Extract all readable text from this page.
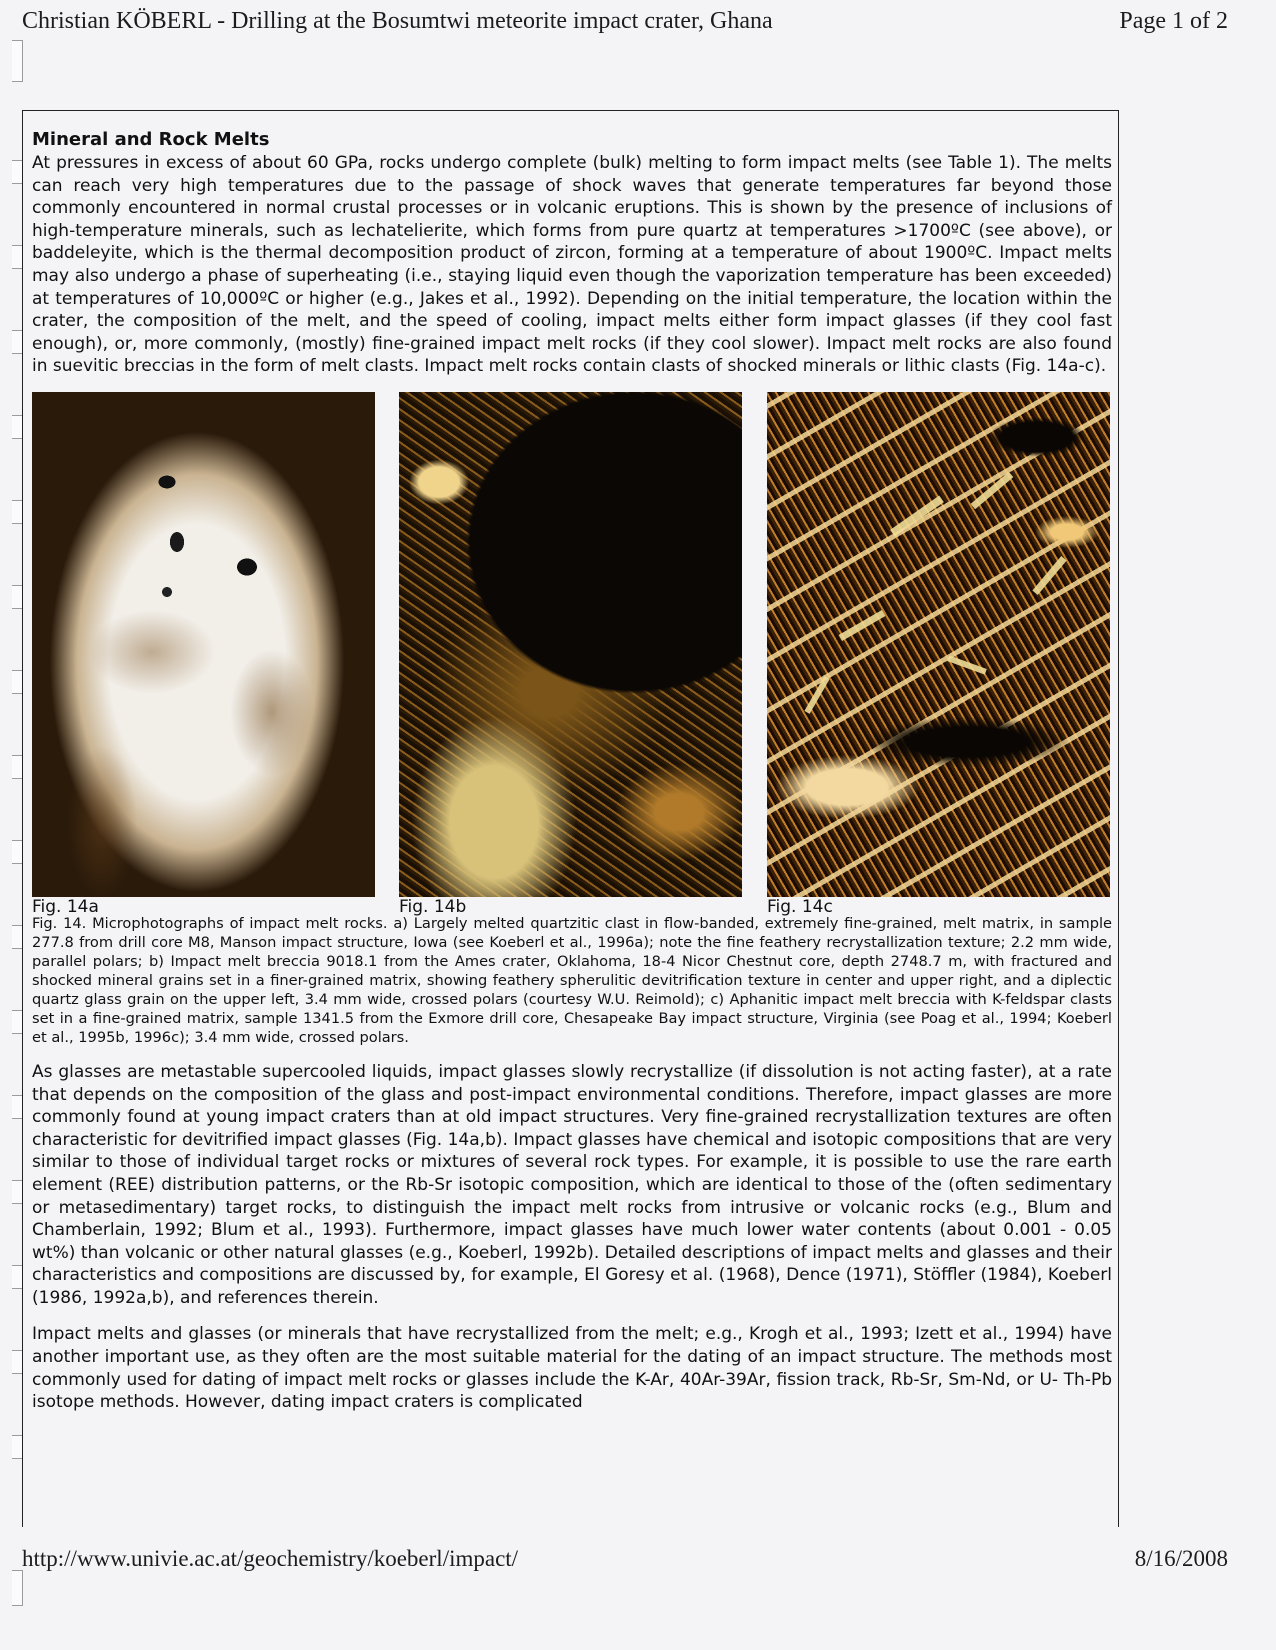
Christian KÖBERL - Drilling at the Bosumtwi meteorite impact crater, Ghana	Page 1 of 2
Mineral and Rock Melts

At pressures in excess of about 60 GPa, rocks undergo complete (bulk) melting to form impact melts (see Table 1). The melts can reach very high temperatures due to the passage of shock waves that generate temperatures far beyond those commonly encountered in normal crustal processes or in volcanic eruptions. This is shown by the presence of inclusions of high-temperature minerals, such as lechatelierite, which forms from pure quartz at temperatures >1700ºC (see above), or baddeleyite, which is the thermal decomposition product of zircon, forming at a temperature of about 1900ºC. Impact melts may also undergo a phase of superheating (i.e., staying liquid even though the vaporization temperature has been exceeded) at temperatures of 10,000ºC or higher (e.g., Jakes et al., 1992). Depending on the initial temperature, the location within the crater, the composition of the melt, and the speed of cooling, impact melts either form impact glasses (if they cool fast enough), or, more commonly, (mostly) fine-grained impact melt rocks (if they cool slower). Impact melt rocks are also found in suevitic breccias in the form of melt clasts. Impact melt rocks contain clasts of shocked minerals or lithic clasts (Fig. 14a-c).

Fig. 14a	Fig. 14b	Fig. 14c

Fig. 14. Microphotographs of impact melt rocks. a) Largely melted quartzitic clast in flow-banded, extremely fine-grained, melt matrix, in sample 277.8 from drill core M8, Manson impact structure, Iowa (see Koeberl et al., 1996a); note the fine feathery recrystallization texture; 2.2 mm wide, parallel polars; b) Impact melt breccia 9018.1 from the Ames crater, Oklahoma, 18-4 Nicor Chestnut core, depth 2748.7 m, with fractured and shocked mineral grains set in a finer-grained matrix, showing feathery spherulitic devitrification texture in center and upper right, and a diplectic quartz glass grain on the upper left, 3.4 mm wide, crossed polars (courtesy W.U. Reimold); c) Aphanitic impact melt breccia with K-feldspar clasts set in a fine-grained matrix, sample 1341.5 from the Exmore drill core, Chesapeake Bay impact structure, Virginia (see Poag et al., 1994; Koeberl et al., 1995b, 1996c); 3.4 mm wide, crossed polars.

As glasses are metastable supercooled liquids, impact glasses slowly recrystallize (if dissolution is not acting faster), at a rate that depends on the composition of the glass and post-impact environmental conditions. Therefore, impact glasses are more commonly found at young impact craters than at old impact structures. Very fine-grained recrystallization textures are often characteristic for devitrified impact glasses (Fig. 14a,b). Impact glasses have chemical and isotopic compositions that are very similar to those of individual target rocks or mixtures of several rock types. For example, it is possible to use the rare earth element (REE) distribution patterns, or the Rb-Sr isotopic composition, which are identical to those of the (often sedimentary or metasedimentary) target rocks, to distinguish the impact melt rocks from intrusive or volcanic rocks (e.g., Blum and Chamberlain, 1992; Blum et al., 1993). Furthermore, impact glasses have much lower water contents (about 0.001 - 0.05 wt%) than volcanic or other natural glasses (e.g., Koeberl, 1992b). Detailed descriptions of impact melts and glasses and their characteristics and compositions are discussed by, for example, El Goresy et al. (1968), Dence (1971), Stöffler (1984), Koeberl (1986, 1992a,b), and references therein.

Impact melts and glasses (or minerals that have recrystallized from the melt; e.g., Krogh et al., 1993; Izett et al., 1994) have another important use, as they often are the most suitable material for the dating of an impact structure. The methods most commonly used for dating of impact melt rocks or glasses include the K-Ar, 40Ar-39Ar, fission track, Rb-Sr, Sm-Nd, or U- Th-Pb isotope methods. However, dating impact craters is complicated

http://www.univie.ac.at/geochemistry/koeberl/impact/	8/16/2008
